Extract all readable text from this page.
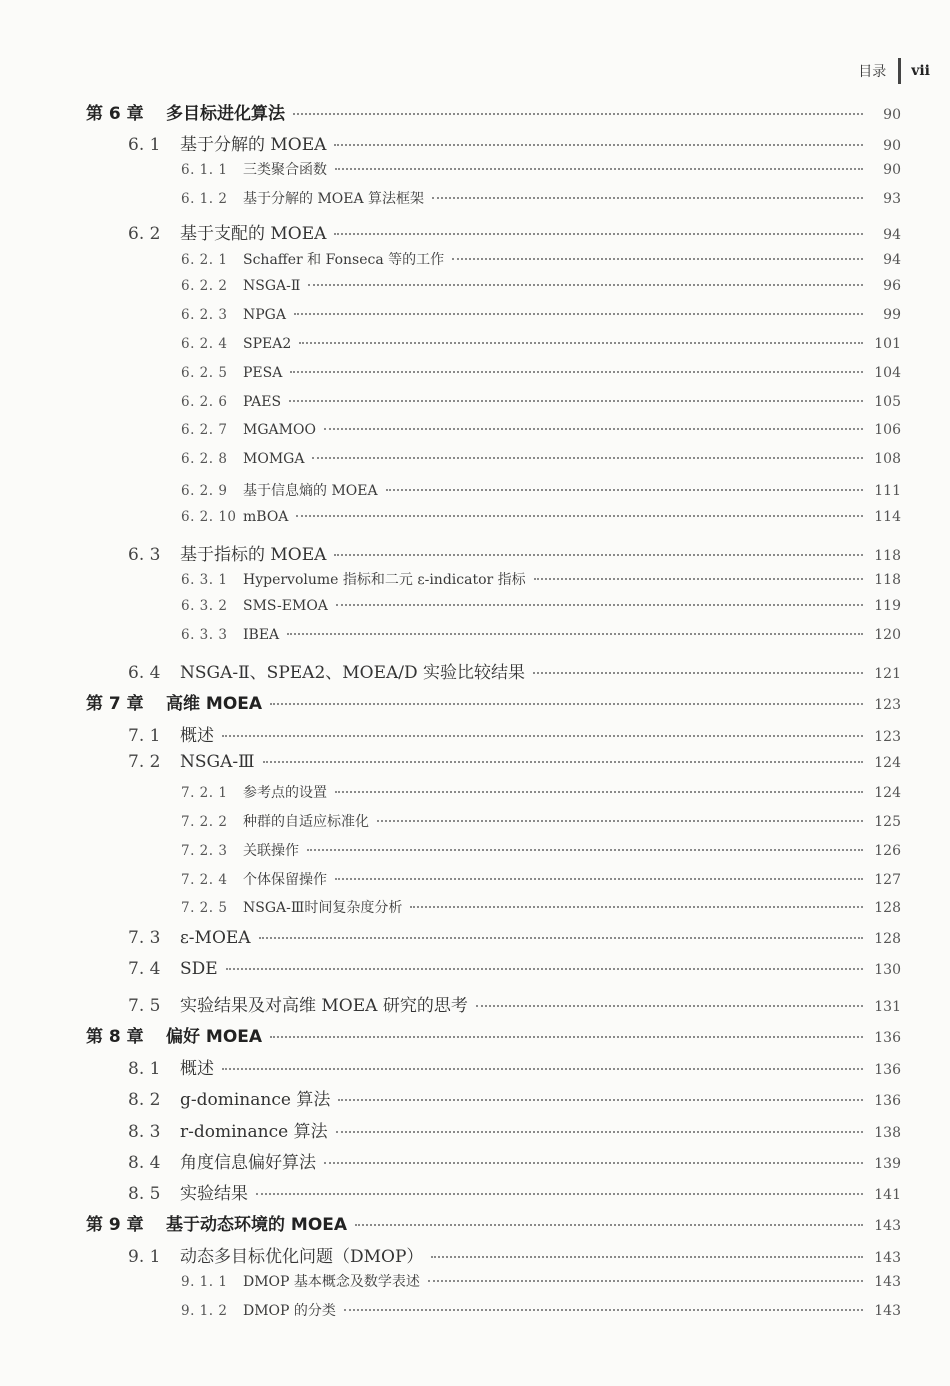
目录 vii
第 6 章	多目标进化算法	90
6. 1	基于分解的 MOEA	90
6. 1. 1	三类聚合函数	90
6. 1. 2	基于分解的 MOEA 算法框架	93
6. 2	基于支配的 MOEA	94
6. 2. 1	Schaffer 和 Fonseca 等的工作	94
6. 2. 2	NSGA-Ⅱ	96
6. 2. 3	NPGA	99
6. 2. 4	SPEA2	101
6. 2. 5	PESA	104
6. 2. 6	PAES	105
6. 2. 7	MGAMOO	106
6. 2. 8	MOMGA	108
6. 2. 9	基于信息熵的 MOEA	111
6. 2. 10 mBOA	114
6. 3	基于指标的 MOEA	118
6. 3. 1	Hypervolume 指标和二元 ε-indicator 指标	118
6. 3. 2	SMS-EMOA	119
6. 3. 3	IBEA	120
6. 4	NSGA-Ⅱ、SPEA2、MOEA/D 实验比较结果	121
第 7 章	高维 MOEA	123
7. 1	概述	123
7. 2	NSGA-Ⅲ	124
7. 2. 1	参考点的设置	124
7. 2. 2	种群的自适应标准化	125
7. 2. 3	关联操作	126
7. 2. 4	个体保留操作	127
7. 2. 5	NSGA-Ⅲ时间复杂度分析	128
7. 3	ε-MOEA	128
7. 4	SDE	130
7. 5	实验结果及对高维 MOEA 研究的思考	131
第 8 章	偏好 MOEA	136
8. 1	概述	136
8. 2	g-dominance 算法	136
8. 3	r-dominance 算法	138
8. 4	角度信息偏好算法	139
8. 5	实验结果	141
第 9 章	基于动态环境的 MOEA	143
9. 1	动态多目标优化问题（DMOP）	143
9. 1. 1	DMOP 基本概念及数学表述	143
9. 1. 2	DMOP 的分类	143
